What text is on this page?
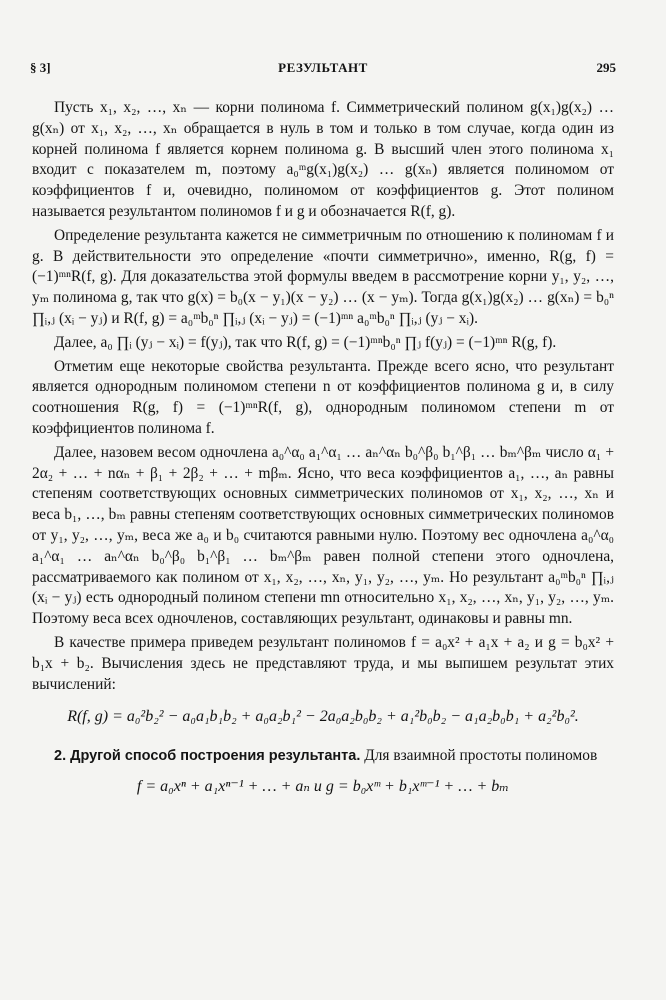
§ 3]	РЕЗУЛЬТАНТ	295

Пусть x₁, x₂, …, xₙ — корни полинома f. Симметрический полином g(x₁)g(x₂) … g(xₙ) от x₁, x₂, …, xₙ обращается в нуль в том и только в том случае, когда один из корней полинома f является корнем полинома g. В высший член этого полинома x₁ входит с показателем m, поэтому a₀ᵐg(x₁)g(x₂) … g(xₙ) является полиномом от коэффициентов f и, очевидно, полиномом от коэффициентов g. Этот полином называется результантом полиномов f и g и обозначается R(f, g).

Определение результанта кажется не симметричным по отношению к полиномам f и g. В действительности это определение «почти симметрично», именно, R(g, f) = (−1)ᵐⁿR(f, g). Для доказательства этой формулы введем в рассмотрение корни y₁, y₂, …, yₘ полинома g, так что g(x) = b₀(x − y₁)(x − y₂) … (x − yₘ). Тогда g(x₁)g(x₂) … g(xₙ) = b₀ⁿ ∏ᵢ,ⱼ (xᵢ − yⱼ) и R(f, g) = a₀ᵐb₀ⁿ ∏ᵢ,ⱼ (xᵢ − yⱼ) = (−1)ᵐⁿ a₀ᵐb₀ⁿ ∏ᵢ,ⱼ (yⱼ − xᵢ).

Далее, a₀ ∏ᵢ (yⱼ − xᵢ) = f(yⱼ), так что R(f, g) = (−1)ᵐⁿb₀ⁿ ∏ⱼ f(yⱼ) = (−1)ᵐⁿ R(g, f).

Отметим еще некоторые свойства результанта. Прежде всего ясно, что результант является однородным полиномом степени n от коэффициентов полинома g и, в силу соотношения R(g, f) = (−1)ᵐⁿR(f, g), однородным полиномом степени m от коэффициентов полинома f.

Далее, назовем весом одночлена a₀^α₀ a₁^α₁ … aₙ^αₙ b₀^β₀ b₁^β₁ … bₘ^βₘ число α₁ + 2α₂ + … + nαₙ + β₁ + 2β₂ + … + mβₘ. Ясно, что веса коэффициентов a₁, …, aₙ равны степеням соответствующих основных симметрических полиномов от x₁, x₂, …, xₙ и веса b₁, …, bₘ равны степеням соответствующих основных симметрических полиномов от y₁, y₂, …, yₘ, веса же a₀ и b₀ считаются равными нулю. Поэтому вес одночлена a₀^α₀ a₁^α₁ … aₙ^αₙ b₀^β₀ b₁^β₁ … bₘ^βₘ равен полной степени этого одночлена, рассматриваемого как полином от x₁, x₂, …, xₙ, y₁, y₂, …, yₘ. Но результант a₀ᵐb₀ⁿ ∏ᵢ,ⱼ (xᵢ − yⱼ) есть однородный полином степени mn относительно x₁, x₂, …, xₙ, y₁, y₂, …, yₘ. Поэтому веса всех одночленов, составляющих результант, одинаковы и равны mn.

В качестве примера приведем результант полиномов f = a₀x² + a₁x + a₂ и g = b₀x² + b₁x + b₂. Вычисления здесь не представляют труда, и мы выпишем результат этих вычислений:

R(f, g) = a₀²b₂² − a₀a₁b₁b₂ + a₀a₂b₁² − 2a₀a₂b₀b₂ + a₁²b₀b₂ − a₁a₂b₀b₁ + a₂²b₀².

2. Другой способ построения результанта. Для взаимной простоты полиномов

f = a₀xⁿ + a₁xⁿ⁻¹ + … + aₙ и g = b₀xᵐ + b₁xᵐ⁻¹ + … + bₘ
